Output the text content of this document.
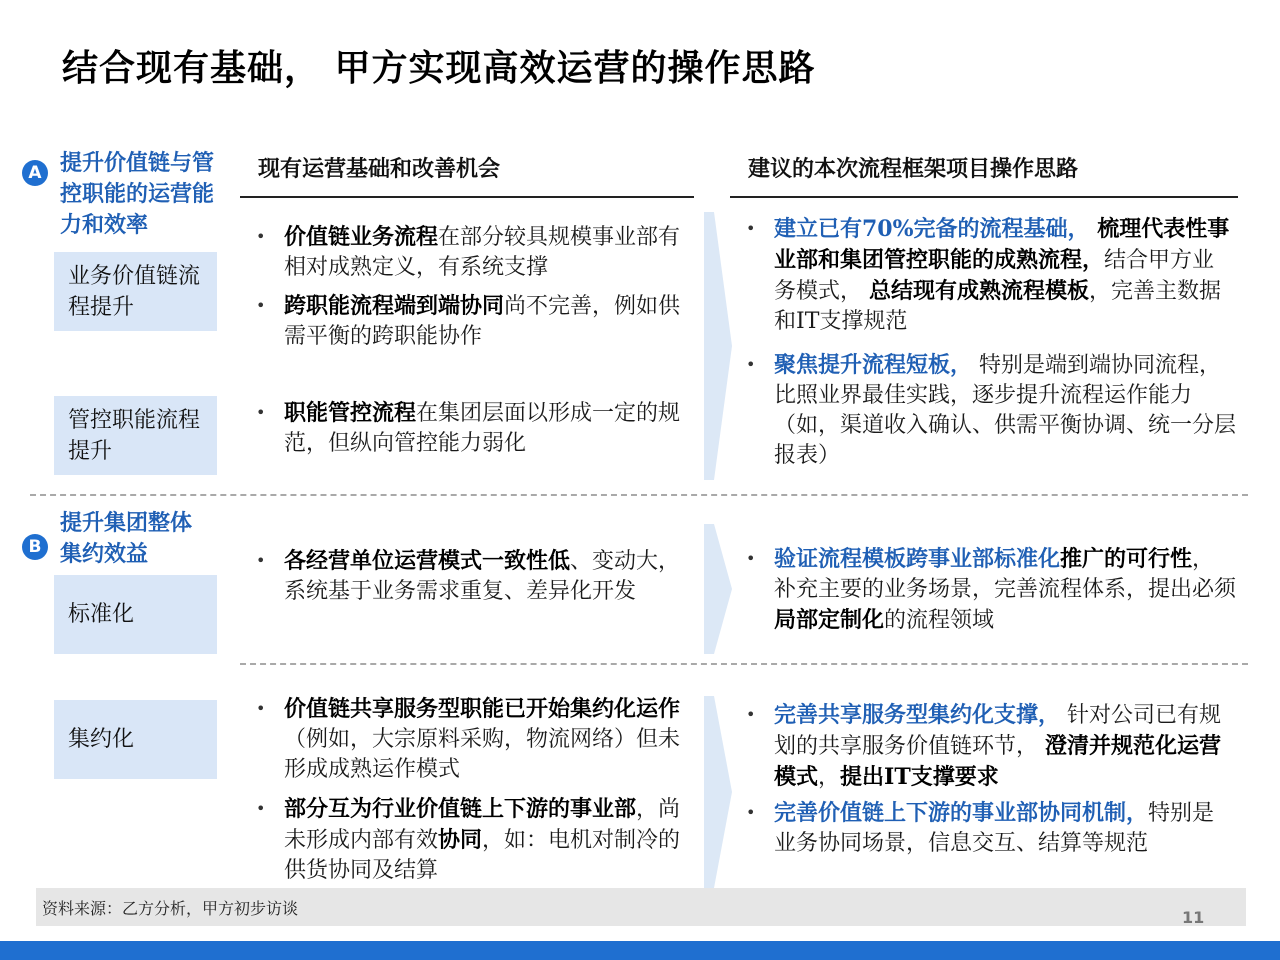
结合现有基础， 甲方实现高效运营的操作思路
A 提升价值链与管控职能的运营能力和效率
业务价值链流程提升
管控职能流程提升
B
提升集团整体集约效益
标准化
集约化
现有运营基础和改善机会	建议的本次流程框架项目操作思路
• 价值链业务流程在部分较具规模事业部有相对成熟定义，有系统支撑
• 跨职能流程端到端协同尚不完善，例如供需平衡的跨职能协作
• 职能管控流程在集团层面以形成一定的规范，但纵向管控能力弱化
• 各经营单位运营模式一致性低、变动大，系统基于业务需求重复、差异化开发
• 价值链共享服务型职能已开始集约化运作 （例如，大宗原料采购，物流网络）但未形成成熟运作模式
• 部分互为行业价值链上下游的事业部，尚未形成内部有效协同，如：电机对制冷的供货协同及结算
• 建立已有70%完备的流程基础， 梳理代表性事业部和集团管控职能的成熟流程，结合甲方业务模式， 总结现有成熟流程模板，完善主数据和IT支撑规范
• 聚焦提升流程短板， 特别是端到端协同流程，比照业界最佳实践，逐步提升流程运作能力（如，渠道收入确认、供需平衡协调、统一分层报表）
• 验证流程模板跨事业部标准化推广的可行性，补充主要的业务场景，完善流程体系，提出必须局部定制化的流程领域
• 完善共享服务型集约化支撑， 针对公司已有规划的共享服务价值链环节， 澄清并规范化运营模式，提出IT支撑要求
• 完善价值链上下游的事业部协同机制，特别是业务协同场景，信息交互、结算等规范
资料来源：乙方分析，甲方初步访谈	11
